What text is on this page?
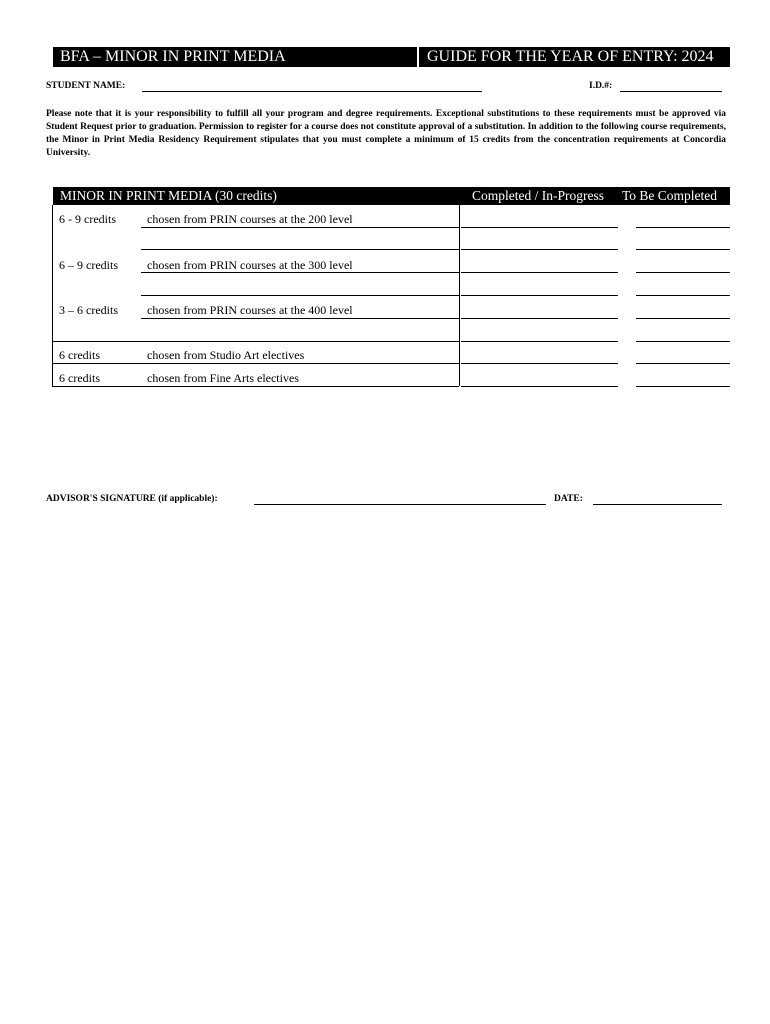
BFA – MINOR IN PRINT MEDIA	GUIDE FOR THE YEAR OF ENTRY: 2024
STUDENT NAME:	I.D.#:
Please note that it is your responsibility to fulfill all your program and degree requirements. Exceptional substitutions to these requirements must be approved via Student Request prior to graduation. Permission to register for a course does not constitute approval of a substitution. In addition to the following course requirements, the Minor in Print Media Residency Requirement stipulates that you must complete a minimum of 15 credits from the concentration requirements at Concordia University.
MINOR IN PRINT MEDIA (30 credits)	Completed / In-Progress To Be Completed
6 - 9 credits	chosen from PRIN courses at the 200 level
6 – 9 credits chosen from PRIN courses at the 300 level
3 – 6 credits chosen from PRIN courses at the 400 level
6 credits	chosen from Studio Art electives
6 credits	chosen from Fine Arts electives
ADVISOR'S SIGNATURE (if applicable):	DATE:
